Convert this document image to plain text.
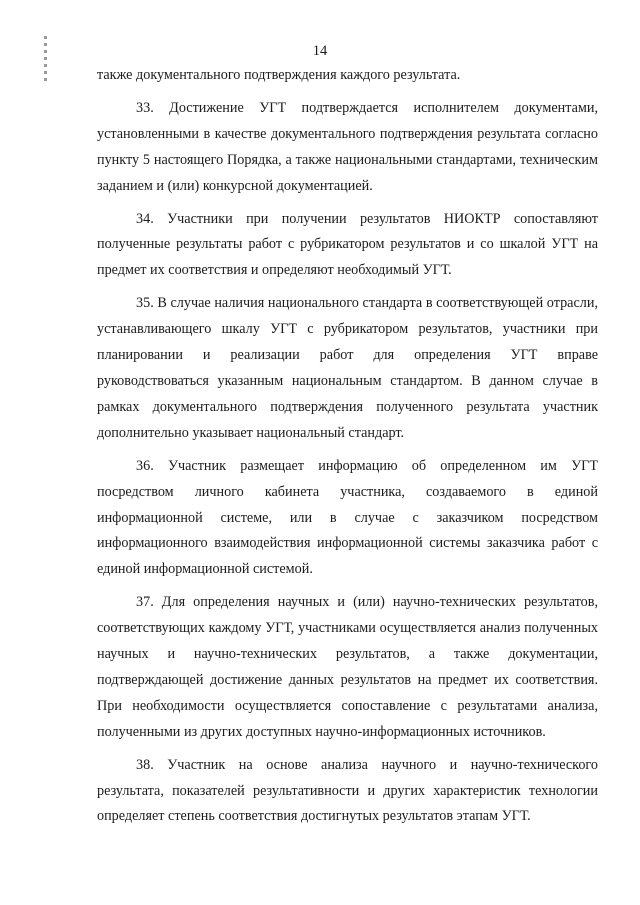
14

также документального подтверждения каждого результата.

33. Достижение УГТ подтверждается исполнителем документами, установленными в качестве документального подтверждения результата согласно пункту 5 настоящего Порядка, а также национальными стандартами, техническим заданием и (или) конкурсной документацией.

34. Участники при получении результатов НИОКТР сопоставляют полученные результаты работ с рубрикатором результатов и со шкалой УГТ на предмет их соответствия и определяют необходимый УГТ.

35. В случае наличия национального стандарта в соответствующей отрасли, устанавливающего шкалу УГТ с рубрикатором результатов, участники при планировании и реализации работ для определения УГТ вправе руководствоваться указанным национальным стандартом. В данном случае в рамках документального подтверждения полученного результата участник дополнительно указывает национальный стандарт.

36. Участник размещает информацию об определенном им УГТ посредством личного кабинета участника, создаваемого в единой информационной системе, или в случае с заказчиком посредством информационного взаимодействия информационной системы заказчика работ с единой информационной системой.

37. Для определения научных и (или) научно-технических результатов, соответствующих каждому УГТ, участниками осуществляется анализ полученных научных и научно-технических результатов, а также документации, подтверждающей достижение данных результатов на предмет их соответствия. При необходимости осуществляется сопоставление с результатами анализа, полученными из других доступных научно-информационных источников.

38. Участник на основе анализа научного и научно-технического результата, показателей результативности и других характеристик технологии определяет степень соответствия достигнутых результатов этапам УГТ.
